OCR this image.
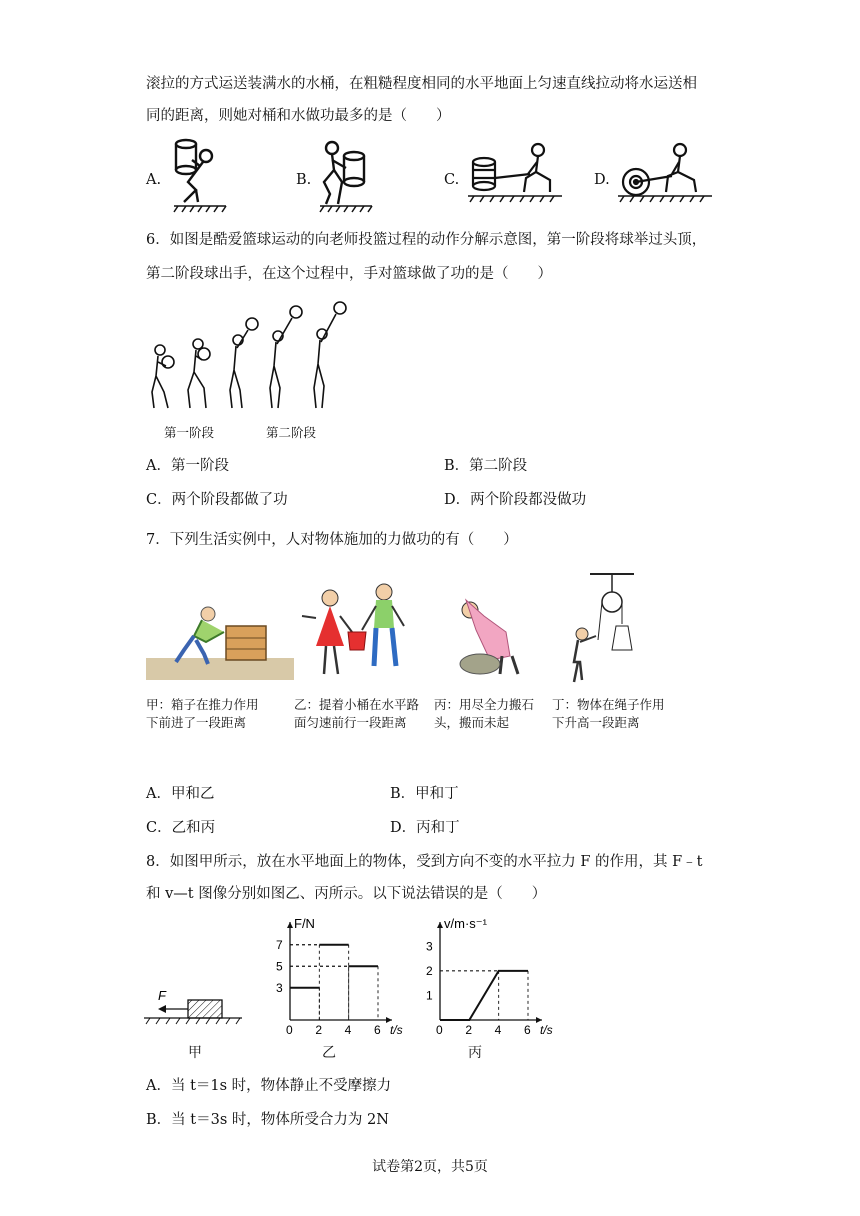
滚拉的方式运送装满水的水桶，在粗糙程度相同的水平地面上匀速直线拉动将水运送相
同的距离，则她对桶和水做功最多的是（　　）
A.	B.	C.	D.
6．如图是酷爱篮球运动的向老师投篮过程的动作分解示意图，第一阶段将球举过头顶，
第二阶段球出手，在这个过程中，手对篮球做了功的是（　　）
第一阶段	第二阶段
A．第一阶段	B．第二阶段
C．两个阶段都做了功	D．两个阶段都没做功
7．下列生活实例中，人对物体施加的力做功的有（　　）
甲：箱子在推力作用
下前进了一段距离
乙：提着小桶在水平路
面匀速前行一段距离
丙：用尽全力搬石
头，搬而未起
丁：物体在绳子作用
下升高一段距离
A．甲和乙	B．甲和丁
C．乙和丙	D．丙和丁
8．如图甲所示，放在水平地面上的物体，受到方向不变的水平拉力 F 的作用，其 F﹣t
和 v—t 图像分别如图乙、丙所示。以下说法错误的是（　　）
F
0 2 4 6
3
5
7
t/s
F/N
0 2 4 6
1
2
3
t/s
v/m·s⁻¹
甲	乙	丙
A．当 t＝1s 时，物体静止不受摩擦力
B．当 t＝3s 时，物体所受合力为 2N
试卷第2页，共5页
